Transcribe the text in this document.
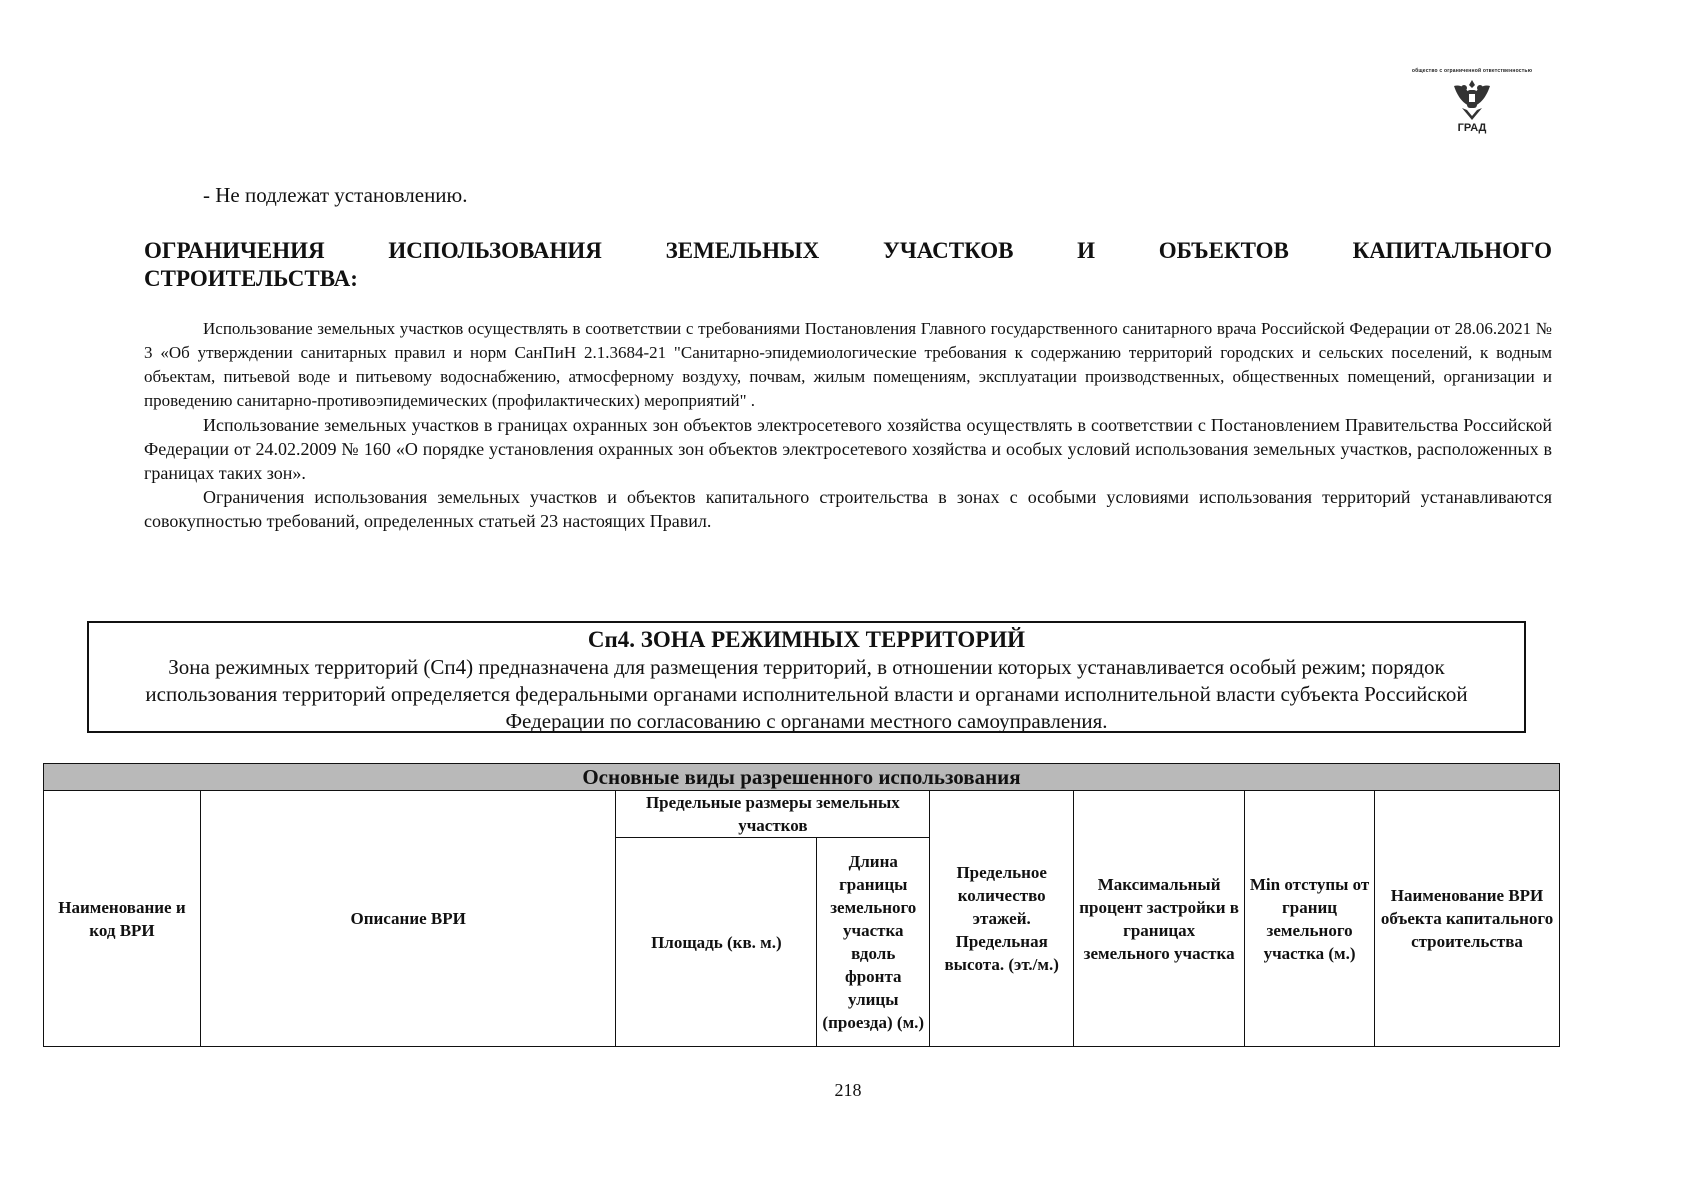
общество с ограниченной ответственностью
ГРАД
- Не подлежат установлению.
ОГРАНИЧЕНИЯ ИСПОЛЬЗОВАНИЯ ЗЕМЕЛЬНЫХ УЧАСТКОВ И ОБЪЕКТОВ КАПИТАЛЬНОГО
СТРОИТЕЛЬСТВА:

Использование земельных участков осуществлять в соответствии с требованиями Постановления Главного государственного санитарного врача Российской Федерации от 28.06.2021 № 3 «Об утверждении санитарных правил и норм СанПиН 2.1.3684-21 "Санитарно-эпидемиологические требования к содержанию территорий городских и сельских поселений, к водным объектам, питьевой воде и питьевому водоснабжению, атмосферному воздуху, почвам, жилым помещениям, эксплуатации производственных, общественных помещений, организации и проведению санитарно-противоэпидемических (профилактических) мероприятий" .

Использование земельных участков в границах охранных зон объектов электросетевого хозяйства осуществлять в соответствии с Постановлением Правительства Российской Федерации от 24.02.2009 № 160 «О порядке установления охранных зон объектов электросетевого хозяйства и особых условий использования земельных участков, расположенных в границах таких зон».

Ограничения использования земельных участков и объектов капитального строительства в зонах с особыми условиями использования территорий устанавливаются совокупностью требований, определенных статьей 23 настоящих Правил.

Сп4. ЗОНА РЕЖИМНЫХ ТЕРРИТОРИЙ
Зона режимных территорий (Сп4) предназначена для размещения территорий, в отношении которых устанавливается особый режим; порядок использования территорий определяется федеральными органами исполнительной власти и органами исполнительной власти субъекта Российской Федерации по согласованию с органами местного самоуправления.
Основные виды разрешенного использования							
Наименование и код ВРИ	Описание ВРИ	Предельные размеры земельных участков		Предельное количество этажей. Предельная высота. (эт./м.)	Максимальный процент застройки в границах земельного участка	Min отступы от границ земельного участка (м.)	Наименование ВРИ объекта капитального строительства
		Площадь (кв. м.)	Длина границы земельного участка вдоль фронта улицы (проезда) (м.)				
218
